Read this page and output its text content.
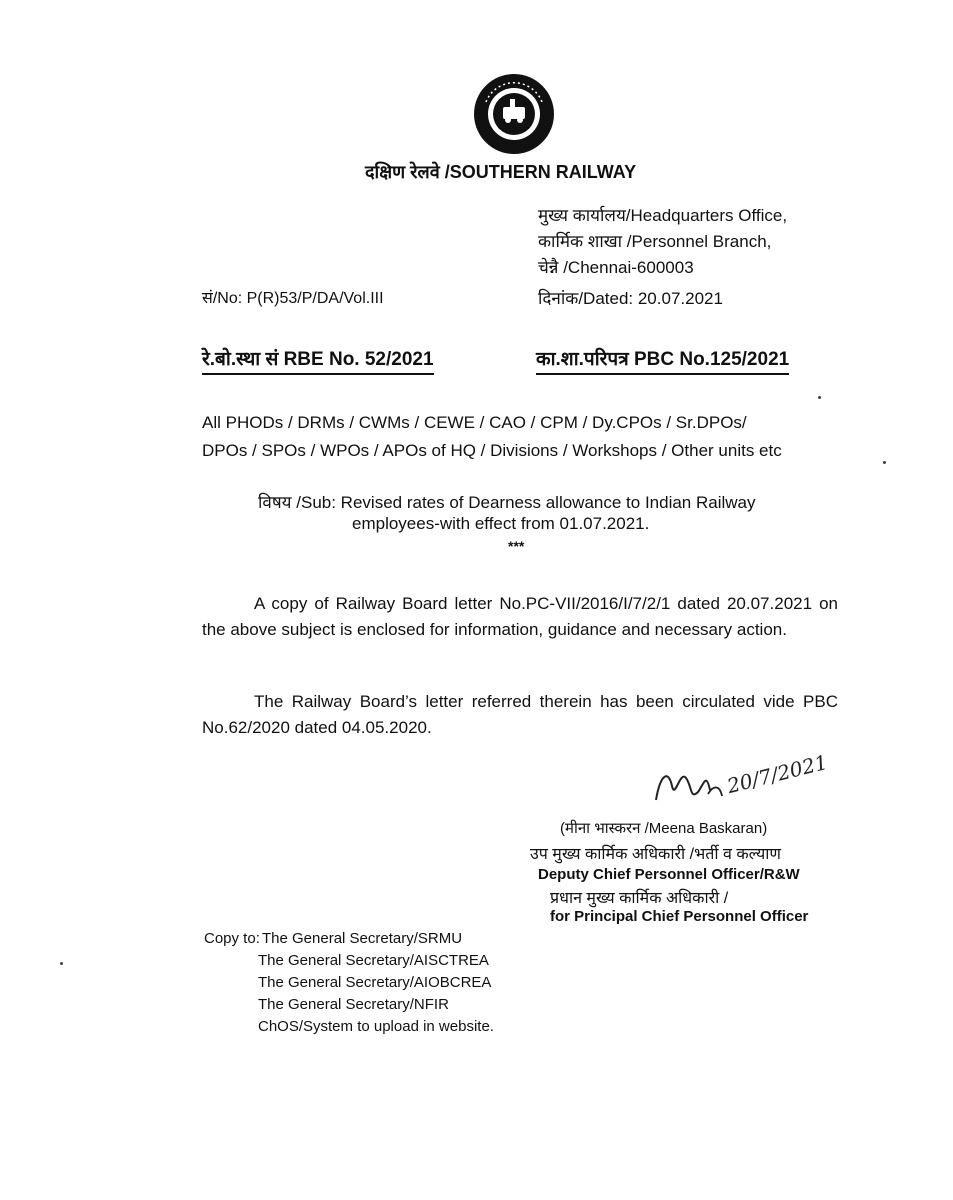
दक्षिण रेलवे /SOUTHERN RAILWAY
मुख्य कार्यालय/Headquarters Office,
कार्मिक शाखा /Personnel Branch,
चेन्नै /Chennai-600003
सं/No: P(R)53/P/DA/Vol.III	दिनांक/Dated: 20.07.2021
रे.बो.स्था सं RBE No. 52/2021	का.शा.परिपत्र PBC No.125/2021
All PHODs / DRMs / CWMs / CEWE / CAO / CPM / Dy.CPOs / Sr.DPOs/
DPOs / SPOs / WPOs / APOs of HQ / Divisions / Workshops / Other units etc
विषय /Sub: Revised rates of Dearness allowance to Indian Railway
employees-with effect from 01.07.2021.
***
A copy of Railway Board letter No.PC-VII/2016/I/7/2/1 dated 20.07.2021 on the above subject is enclosed for information, guidance and necessary action.
The Railway Board’s letter referred therein has been circulated vide PBC No.62/2020 dated 04.05.2020.
20/7/2021
(मीना भास्करन /Meena Baskaran)
उप मुख्य कार्मिक अधिकारी /भर्ती व कल्याण
Deputy Chief Personnel Officer/R&W
प्रधान मुख्य कार्मिक अधिकारी /
for Principal Chief Personnel Officer
Copy to: The General Secretary/SRMU
The General Secretary/AISCTREA
The General Secretary/AIOBCREA
The General Secretary/NFIR
ChOS/System to upload in website.
